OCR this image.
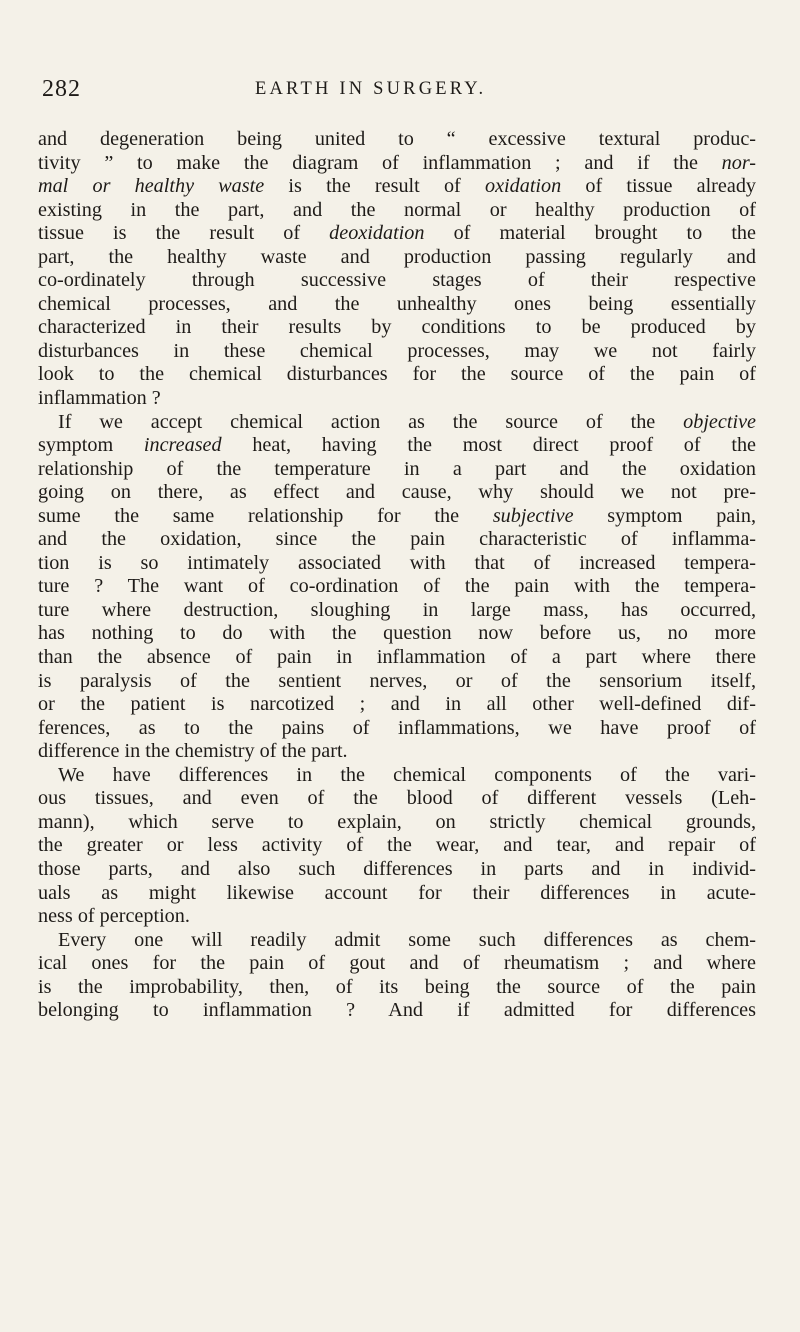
282	EARTH IN SURGERY.
and degeneration being united to “ excessive textural produc-
tivity ” to make the diagram of inflammation ; and if the nor-
mal or healthy waste is the result of oxidation of tissue already
existing in the part, and the normal or healthy production of
tissue is the result of deoxidation of material brought to the
part, the healthy waste and production passing regularly and
co-ordinately through successive stages of their respective
chemical processes, and the unhealthy ones being essentially
characterized in their results by conditions to be produced by
disturbances in these chemical processes, may we not fairly
look to the chemical disturbances for the source of the pain of
inflammation ?
If we accept chemical action as the source of the objective
symptom increased heat, having the most direct proof of the
relationship of the temperature in a part and the oxidation
going on there, as effect and cause, why should we not pre-
sume the same relationship for the subjective symptom pain,
and the oxidation, since the pain characteristic of inflamma-
tion is so intimately associated with that of increased tempera-
ture ? The want of co-ordination of the pain with the tempera-
ture where destruction, sloughing in large mass, has occurred,
has nothing to do with the question now before us, no more
than the absence of pain in inflammation of a part where there
is paralysis of the sentient nerves, or of the sensorium itself,
or the patient is narcotized ; and in all other well-defined dif-
ferences, as to the pains of inflammations, we have proof of
difference in the chemistry of the part.
We have differences in the chemical components of the vari-
ous tissues, and even of the blood of different vessels (Leh-
mann), which serve to explain, on strictly chemical grounds,
the greater or less activity of the wear, and tear, and repair of
those parts, and also such differences in parts and in individ-
uals as might likewise account for their differences in acute-
ness of perception.
Every one will readily admit some such differences as chem-
ical ones for the pain of gout and of rheumatism ; and where
is the improbability, then, of its being the source of the pain
belonging to inflammation ? And if admitted for differences
